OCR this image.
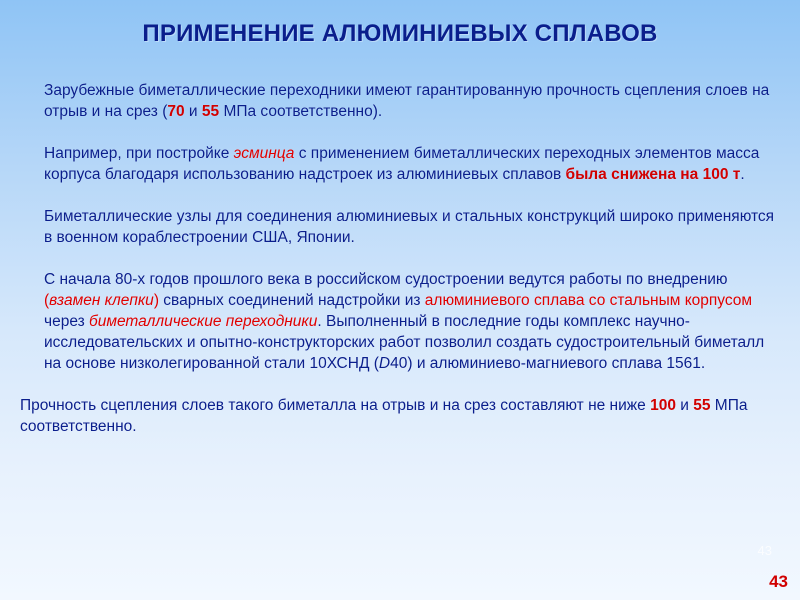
ПРИМЕНЕНИЕ АЛЮМИНИЕВЫХ СПЛАВОВ

Зарубежные биметаллические переходники имеют гарантированную прочность сцепления слоев на отрыв и на срез (70 и 55 МПа соответственно).

Например, при постройке эсминца с применением биметаллических переходных элементов масса корпуса благодаря использованию надстроек из алюминиевых сплавов была снижена на 100 т.

Биметаллические узлы для соединения алюминиевых и стальных конструкций широко применяются в военном кораблестроении США, Японии.

С начала 80-х годов прошлого века в российском судостроении ведутся работы по внедрению (взамен клепки) сварных соединений надстройки из алюминиевого сплава со стальным корпусом через биметаллические переходники. Выполненный в последние годы комплекс научно-исследовательских и опытно-конструкторских работ позволил создать судостроительный биметалл на основе низколегированной стали 10ХСНД (D40) и алюминиево-магниевого сплава 1561.

Прочность сцепления слоев такого биметалла на отрыв и на срез составляют не ниже 100 и 55 МПа соответственно.

43
43
